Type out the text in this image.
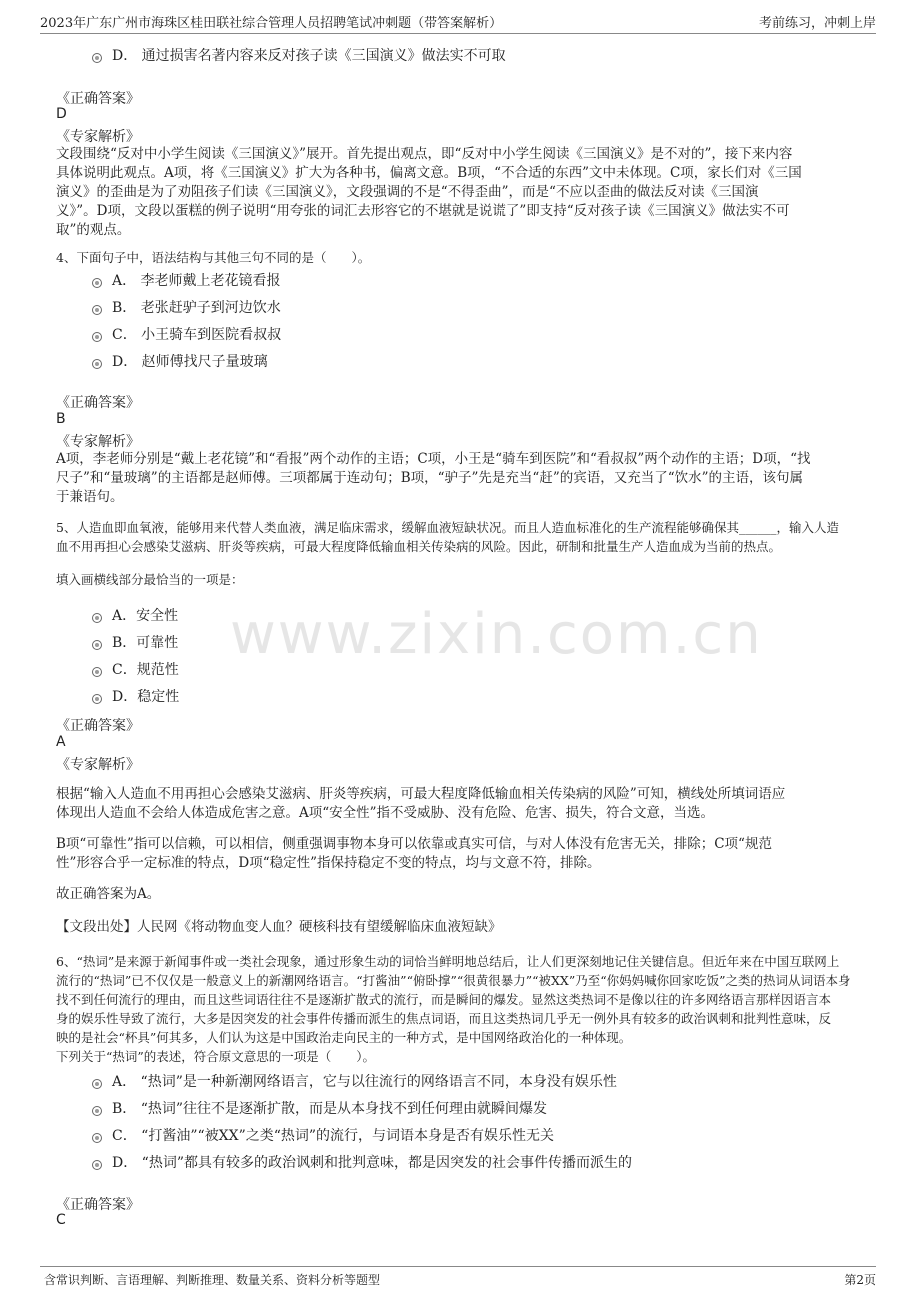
2023年广东广州市海珠区桂田联社综合管理人员招聘笔试冲刺题（带答案解析）	考前练习，冲刺上岸
www.zixin.com.cn
D． 通过损害名著内容来反对孩子读《三国演义》做法实不可取
《正确答案》
D
《专家解析》

文段围绕“反对中小学生阅读《三国演义》”展开。首先提出观点，即“反对中小学生阅读《三国演义》是不对的”，接下来内容

具体说明此观点。A项，将《三国演义》扩大为各种书，偏离文意。B项，“不合适的东西”文中未体现。C项，家长们对《三国

演义》的歪曲是为了劝阻孩子们读《三国演义》，文段强调的不是“不得歪曲”，而是“不应以歪曲的做法反对读《三国演

义》”。D项，文段以蛋糕的例子说明“用夸张的词汇去形容它的不堪就是说谎了”即支持“反对孩子读《三国演义》做法实不可

取”的观点。

4、下面句子中，语法结构与其他三句不同的是（　　）。
A． 李老师戴上老花镜看报
B． 老张赶驴子到河边饮水
C． 小王骑车到医院看叔叔
D． 赵师傅找尺子量玻璃
《正确答案》
B
《专家解析》

A项，李老师分别是“戴上老花镜”和“看报”两个动作的主语；C项，小王是“骑车到医院”和“看叔叔”两个动作的主语；D项，“找

尺子”和“量玻璃”的主语都是赵师傅。三项都属于连动句；B项，“驴子”先是充当“赶”的宾语，又充当了“饮水”的主语，该句属

于兼语句。

5、人造血即血氧液，能够用来代替人类血液，满足临床需求，缓解血液短缺状况。而且人造血标准化的生产流程能够确保其______，输入人造

血不用再担心会感染艾滋病、肝炎等疾病，可最大程度降低输血相关传染病的风险。因此，研制和批量生产人造血成为当前的热点。

填入画横线部分最恰当的一项是：
A．安全性
B．可靠性
C．规范性
D．稳定性
《正确答案》
A
《专家解析》

根据“输入人造血不用再担心会感染艾滋病、肝炎等疾病，可最大程度降低输血相关传染病的风险”可知，横线处所填词语应

体现出人造血不会给人体造成危害之意。A项“安全性”指不受威胁、没有危险、危害、损失，符合文意，当选。

B项“可靠性”指可以信赖，可以相信，侧重强调事物本身可以依靠或真实可信，与对人体没有危害无关，排除；C项“规范

性”形容合乎一定标准的特点，D项“稳定性”指保持稳定不变的特点，均与文意不符，排除。

故正确答案为A。
【文段出处】人民网《将动物血变人血？硬核科技有望缓解临床血液短缺》

6、“热词”是来源于新闻事件或一类社会现象，通过形象生动的词恰当鲜明地总结后，让人们更深刻地记住关键信息。但近年来在中国互联网上

流行的“热词”已不仅仅是一般意义上的新潮网络语言。“打酱油”“俯卧撑”“很黄很暴力”“被XX”乃至“你妈妈喊你回家吃饭”之类的热词从词语本身

找不到任何流行的理由，而且这些词语往往不是逐渐扩散式的流行，而是瞬间的爆发。显然这类热词不是像以往的许多网络语言那样因语言本

身的娱乐性导致了流行，大多是因突发的社会事件传播而派生的焦点词语，而且这类热词几乎无一例外具有较多的政治讽刺和批判性意味，反

映的是社会“杯具”何其多，人们认为这是中国政治走向民主的一种方式，是中国网络政治化的一种体现。

下列关于“热词”的表述，符合原文意思的一项是（　　）。

A． “热词”是一种新潮网络语言，它与以往流行的网络语言不同，本身没有娱乐性
B． “热词”往往不是逐渐扩散，而是从本身找不到任何理由就瞬间爆发
C． “打酱油”“被XX”之类“热词”的流行，与词语本身是否有娱乐性无关
D． “热词”都具有较多的政治讽刺和批判意味，都是因突发的社会事件传播而派生的
《正确答案》
C
含常识判断、言语理解、判断推理、数量关系、资料分析等题型	第2页
